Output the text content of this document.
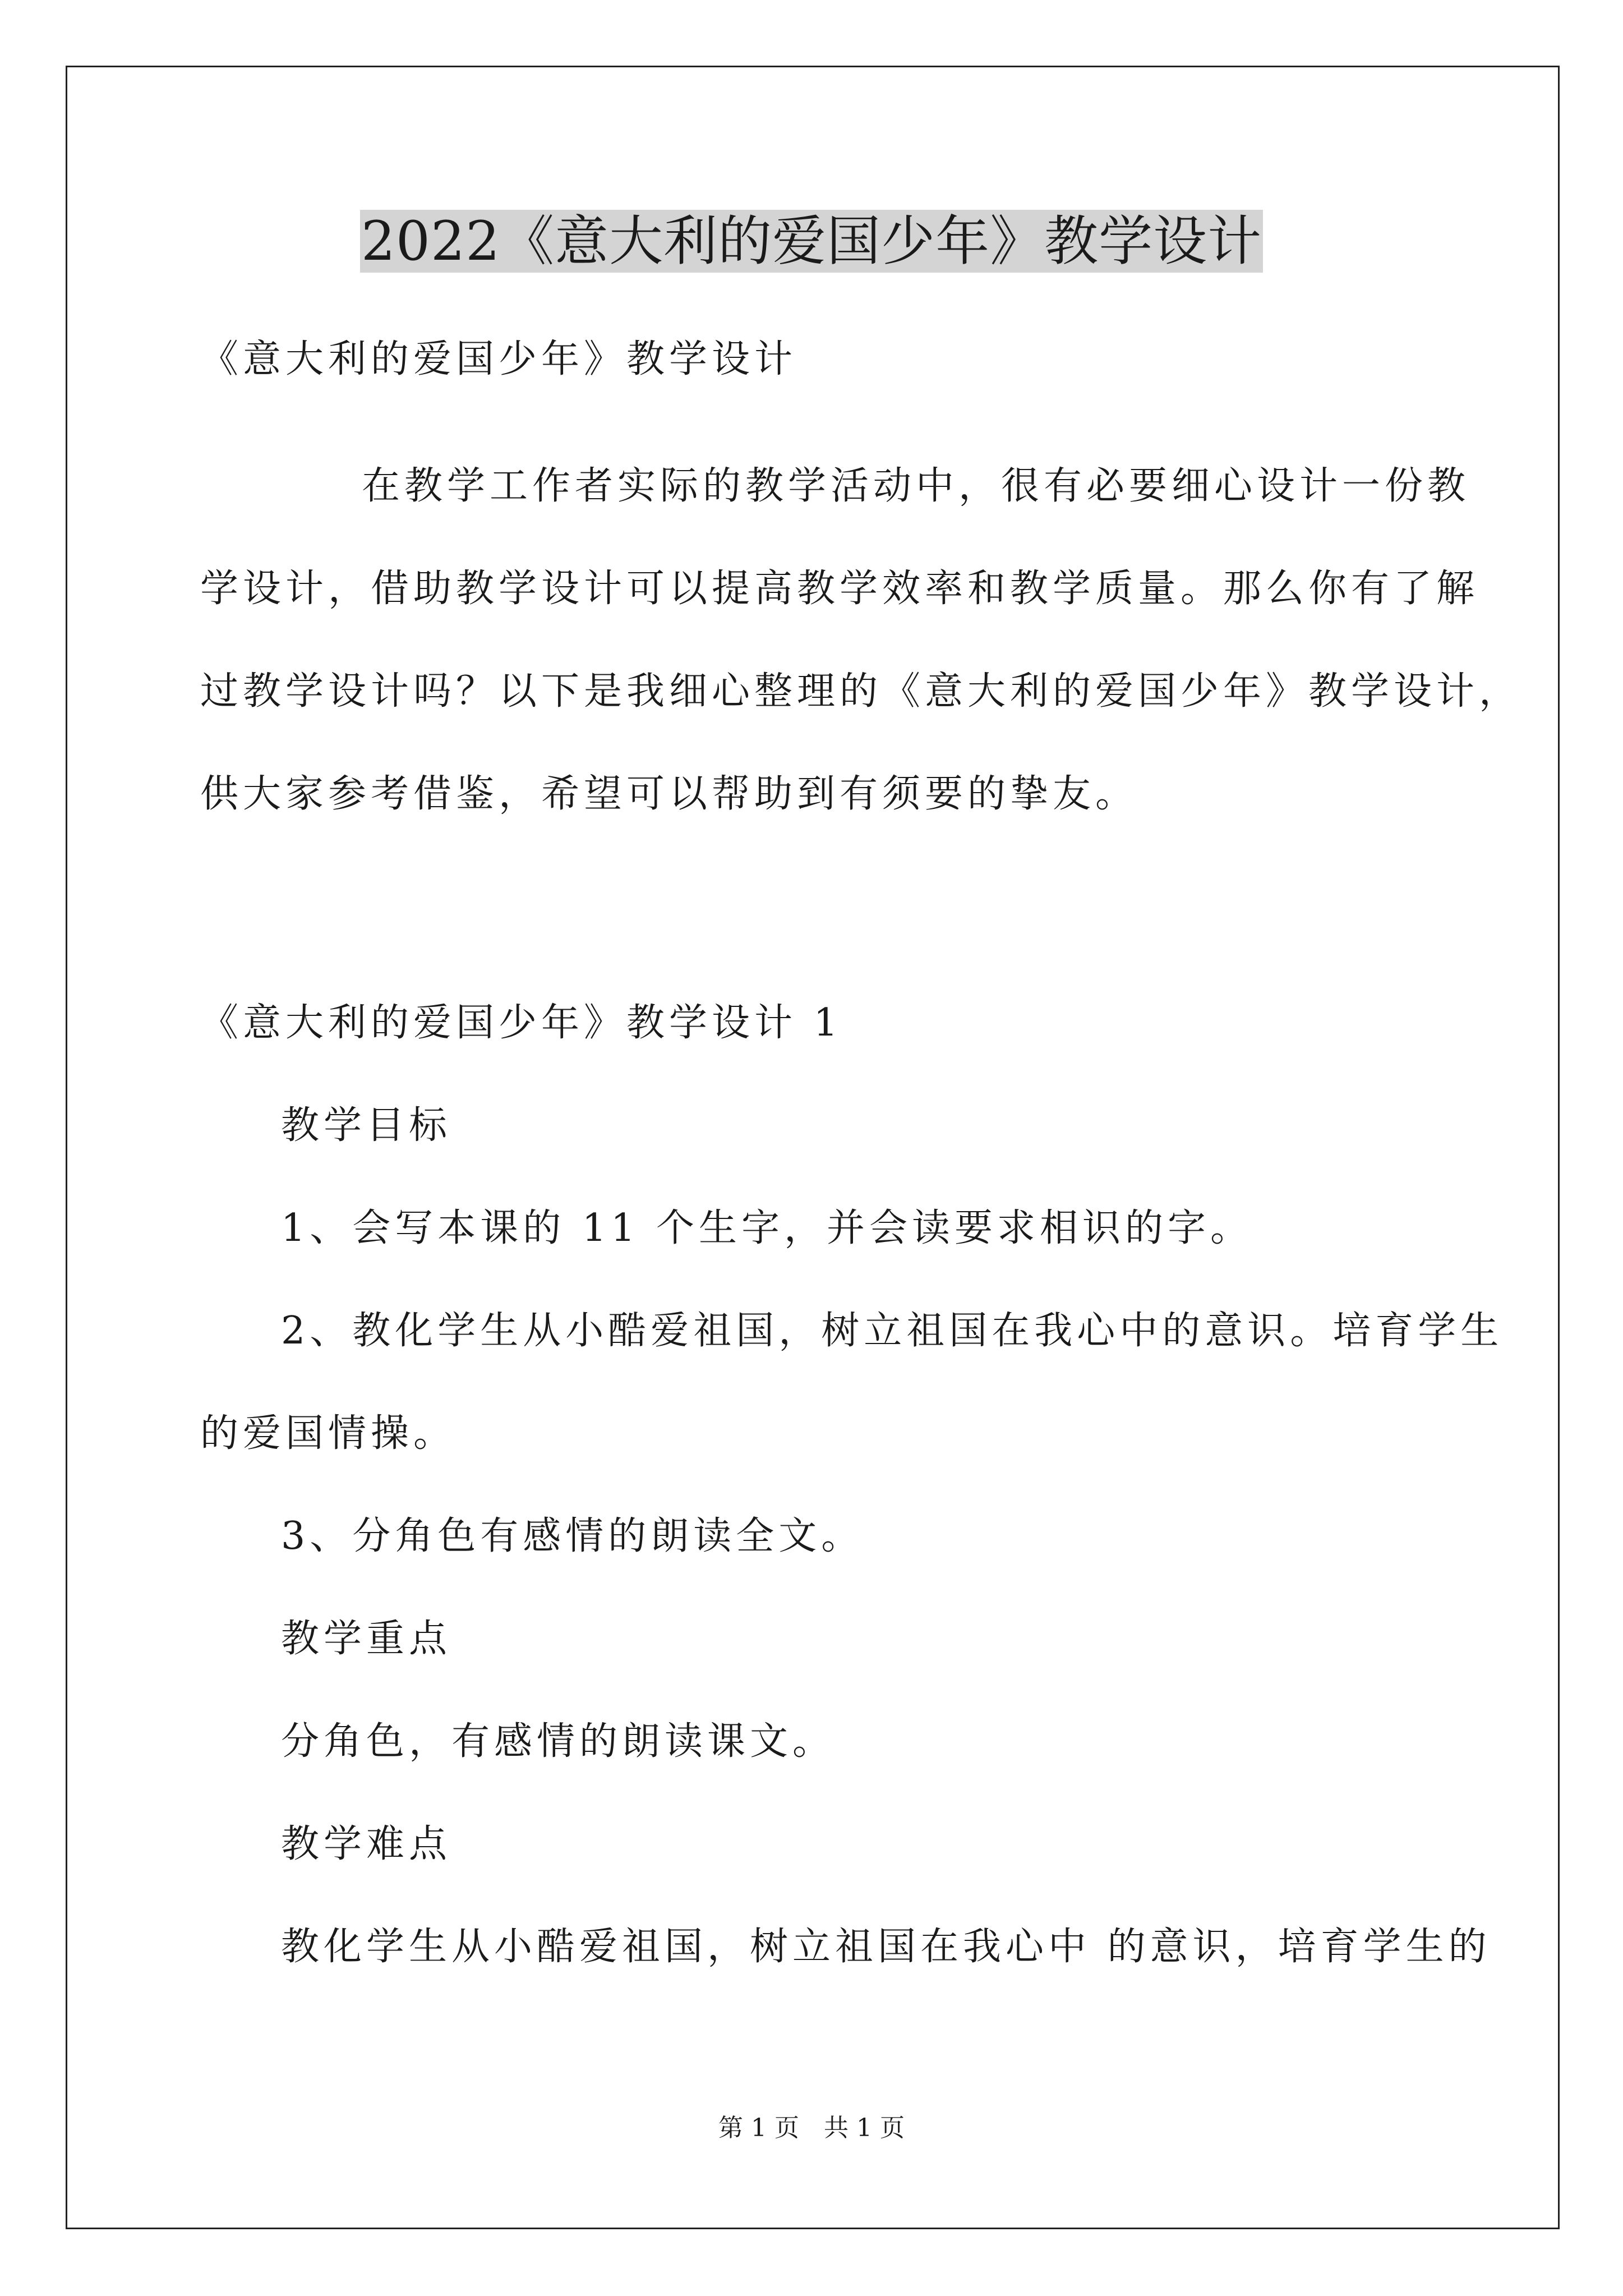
2022《意大利的爱国少年》教学设计

《意大利的爱国少年》教学设计

在教学工作者实际的教学活动中，很有必要细心设计一份教

学设计，借助教学设计可以提高教学效率和教学质量。那么你有了解

过教学设计吗？以下是我细心整理的《意大利的爱国少年》教学设计，

供大家参考借鉴，希望可以帮助到有须要的挚友。

《意大利的爱国少年》教学设计 1

教学目标

1、会写本课的 11 个生字，并会读要求相识的字。

2、教化学生从小酷爱祖国，树立祖国在我心中的意识。培育学生

的爱国情操。

3、分角色有感情的朗读全文。

教学重点

分角色，有感情的朗读课文。

教学难点

教化学生从小酷爱祖国，树立祖国在我心中 的意识，培育学生的

第 1 页 共 1 页
